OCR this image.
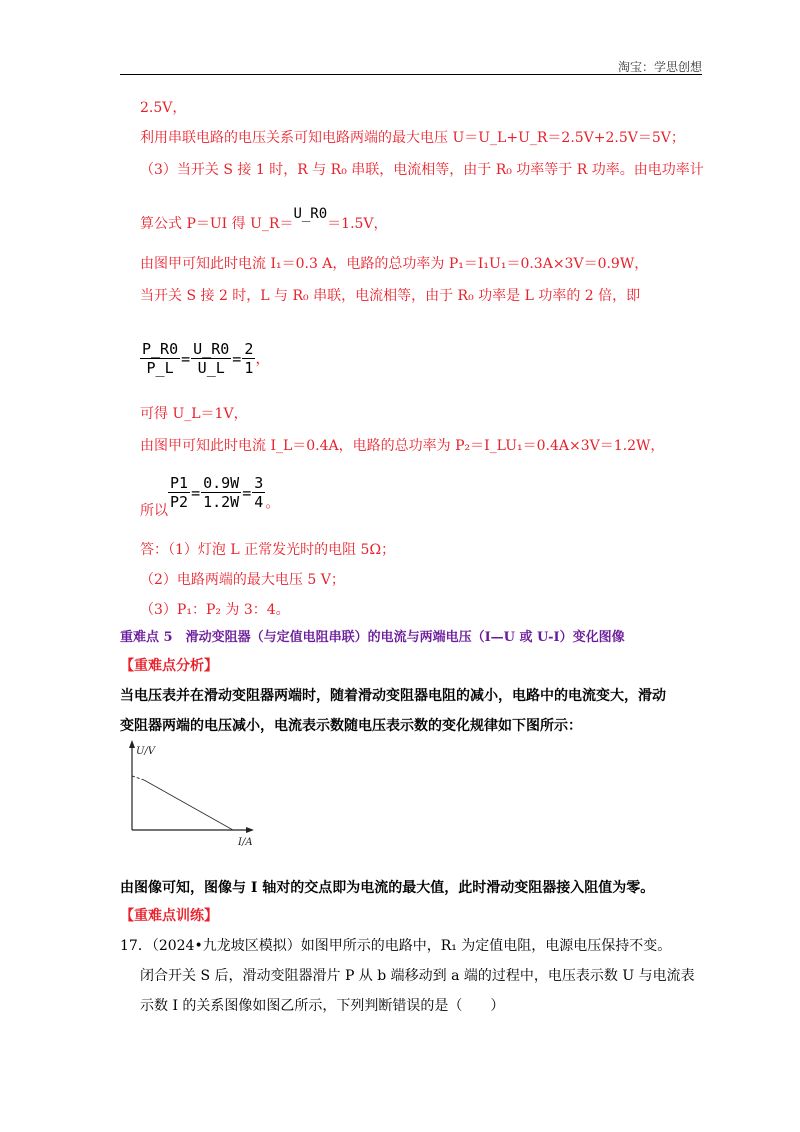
淘宝：学思创想
2.5V，
利用串联电路的电压关系可知电路两端的最大电压 U＝U_L+U_R＝2.5V+2.5V＝5V；
（3）当开关 S 接 1 时，R 与 R₀ 串联，电流相等，由于 R₀ 功率等于 R 功率。由电功率计
算公式 P＝UI 得 U_R＝U_R0＝1.5V，
由图甲可知此时电流 I₁＝0.3 A，电路的总功率为 P₁＝I₁U₁＝0.3A×3V＝0.9W，
当开关 S 接 2 时，L 与 R₀ 串联，电流相等，由于 R₀ 功率是 L 功率的 2 倍，即
$\frac{P\_R0}{P\_L} = \frac{U\_R0}{U\_L} = \frac{2}{1}$ ，
可得 U_L＝1V，
由图甲可知此时电流 I_L＝0.4A，电路的总功率为 P₂＝I_LU₁＝0.4A×3V＝1.2W，
所以 $\frac{P1}{P2} = \frac{0.9W}{1.2W} = \frac{3}{4}$ 。
答：（1）灯泡 L 正常发光时的电阻 5Ω；
（2）电路两端的最大电压 5 V；
（3）P₁：P₂ 为 3：4。
重难点 5　滑动变阻器（与定值电阻串联）的电流与两端电压（I—U 或 U-I）变化图像
【重难点分析】
当电压表并在滑动变阻器两端时，随着滑动变阻器电阻的减小，电路中的电流变大，滑动
变阻器两端的电压减小，电流表示数随电压表示数的变化规律如下图所示：
U/V
I/A
由图像可知，图像与 I 轴对的交点即为电流的最大值，此时滑动变阻器接入阻值为零。
【重难点训练】
17．（2024•九龙坡区模拟）如图甲所示的电路中，R₁ 为定值电阻，电源电压保持不变。
闭合开关 S 后，滑动变阻器滑片 P 从 b 端移动到 a 端的过程中，电压表示数 U 与电流表
示数 I 的关系图像如图乙所示，下列判断错误的是（　　）
